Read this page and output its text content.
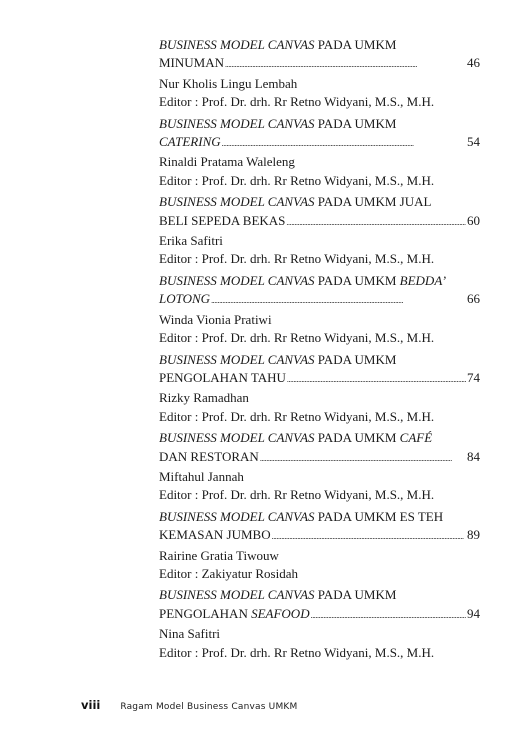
BUSINESS MODEL CANVAS PADA UMKM
MINUMAN . . .	46
Nur Kholis Lingu Lembah
Editor : Prof. Dr. drh. Rr Retno Widyani, M.S., M.H.
BUSINESS MODEL CANVAS PADA UMKM
CATERING . . .	54
Rinaldi Pratama Waleleng
Editor : Prof. Dr. drh. Rr Retno Widyani, M.S., M.H.
BUSINESS MODEL CANVAS PADA UMKM JUAL
BELI SEPEDA BEKAS . . .	60
Erika Safitri
Editor : Prof. Dr. drh. Rr Retno Widyani, M.S., M.H.
BUSINESS MODEL CANVAS PADA UMKM BEDDA’
LOTONG . . .	66
Winda Vionia Pratiwi
Editor : Prof. Dr. drh. Rr Retno Widyani, M.S., M.H.
BUSINESS MODEL CANVAS PADA UMKM
PENGOLAHAN TAHU . . .	74
Rizky Ramadhan
Editor : Prof. Dr. drh. Rr Retno Widyani, M.S., M.H.
BUSINESS MODEL CANVAS PADA UMKM CAFÉ
DAN RESTORAN . . .	84
Miftahul Jannah
Editor : Prof. Dr. drh. Rr Retno Widyani, M.S., M.H.
BUSINESS MODEL CANVAS PADA UMKM ES TEH
KEMASAN JUMBO . . .	89
Rairine Gratia Tiwouw
Editor : Zakiyatur Rosidah
BUSINESS MODEL CANVAS PADA UMKM
PENGOLAHAN SEAFOOD . . .	94
Nina Safitri
Editor : Prof. Dr. drh. Rr Retno Widyani, M.S., M.H.
viii Ragam Model Business Canvas UMKM
